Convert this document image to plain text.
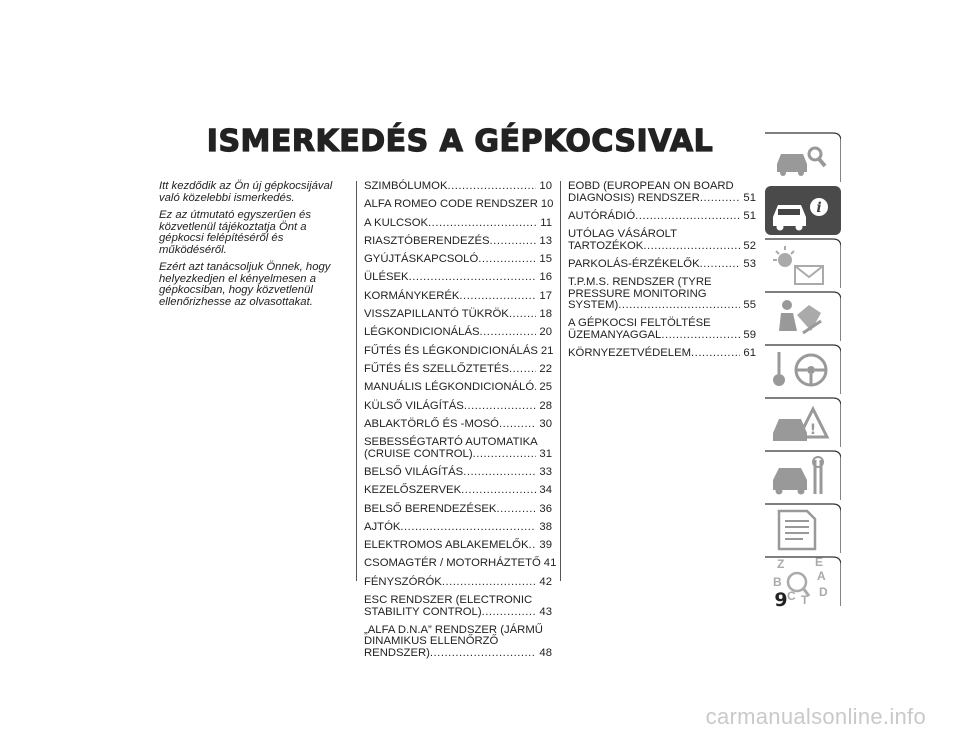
ISMERKEDÉS A GÉPKOCSIVAL

Itt kezdődik az Ön új gépkocsijával való közelebbi ismerkedés.

Ez az útmutató egyszerűen és közvetlenül tájékoztatja Önt a gépkocsi felépítéséről és működéséről.

Ezért azt tanácsoljuk Önnek, hogy helyezkedjen el kényelmesen a gépkocsiban, hogy közvetlenül ellenőrizhesse az olvasottakat.

SZIMBÓLUMOK .....	10
ALFA ROMEO CODE RENDSZER 10
A KULCSOK .....	11
RIASZTÓBERENDEZÉS .....	13
GYÚJTÁSKAPCSOLÓ .....	15
ÜLÉSEK .....	16
KORMÁNYKERÉK .....	17
VISSZAPILLANTÓ TÜKRÖK .....	18
LÉGKONDICIONÁLÁS .....	20
FŰTÉS ÉS LÉGKONDICIONÁLÁS 21
FŰTÉS ÉS SZELLŐZTETÉS .....	22
MANUÁLIS LÉGKONDICIONÁLÓ ..... 25
KÜLSŐ VILÁGÍTÁS .....	28
ABLAKTÖRLŐ ÉS -MOSÓ .....	30
SEBESSÉGTARTÓ AUTOMATIKA
(CRUISE CONTROL) .....	31
BELSŐ VILÁGÍTÁS .....	33
KEZELŐSZERVEK .....	34
BELSŐ BERENDEZÉSEK .....	36
AJTÓK .....	38
ELEKTROMOS ABLAKEMELŐK ..... 39
CSOMAGTÉR / MOTORHÁZTETŐ 41
FÉNYSZÓRÓK .....	42
ESC RENDSZER (ELECTRONIC
STABILITY CONTROL) .....	43
„ALFA D.N.A” RENDSZER (JÁRMŰ
DINAMIKUS ELLENŐRZŐ
RENDSZER) .....	48
EOBD (EUROPEAN ON BOARD
DIAGNOSIS) RENDSZER .....	51
AUTÓRÁDIÓ .....	51
UTÓLAG VÁSÁROLT
TARTOZÉKOK .....	52
PARKOLÁS-ÉRZÉKELŐK .....	53
T.P.M.S. RENDSZER (TYRE
PRESSURE MONITORING
SYSTEM) .....	55
A GÉPKOCSI FELTÖLTÉSE
ÜZEMANYAGGAL .....	59
KÖRNYEZETVÉDELEM .....	61
i
!
Z	E
A
B
C D
T
9
carmanualsonline.info
